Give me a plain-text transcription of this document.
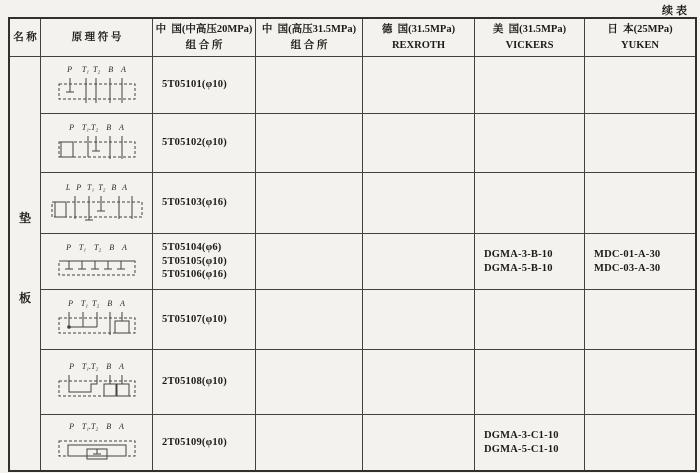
续表
名 称	原 理 符 号
中  国(中高压20MPa)
组 合 所
中  国(高压31.5MPa)
组 合 所
德  国(31.5MPa)
REXROTH
美  国(31.5MPa)
VICKERS
日  本(25MPa)
YUKEN
垫
板
P     T₁  T₂    B    A
5T05101(φ10)
P    T₁.T₂    B    A
5T05102(φ10)
L   P   T₁  T₂   B   A
5T05103(φ16)
P    T₁    T₂    B    A	5T05104(φ6)
5T05105(φ10)
5T05106(φ16)
DGMA-3-B-10
DGMA-5-B-10
MDC-01-A-30
MDC-03-A-30
P    T₁  T₂    B    A
5T05107(φ10)
P    T₁.T₂    B    A
2T05108(φ10)
P    T₁.T₂    B    A
2T05109(φ10)
DGMA-3-C1-10
DGMA-5-C1-10
